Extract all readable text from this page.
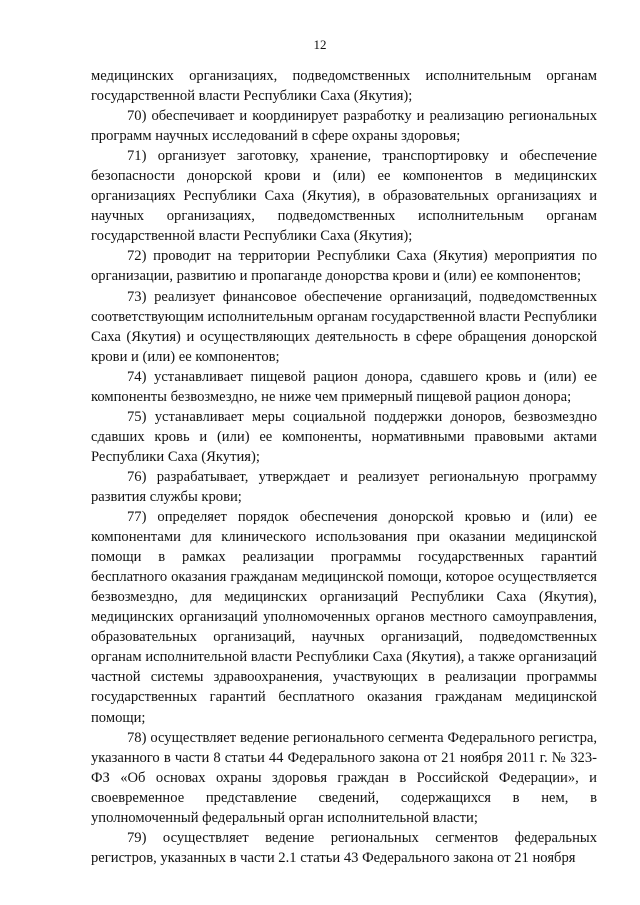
12

медицинских организациях, подведомственных исполнительным органам государственной власти Республики Саха (Якутия);

70) обеспечивает и координирует разработку и реализацию региональных программ научных исследований в сфере охраны здоровья;

71) организует заготовку, хранение, транспортировку и обеспечение безопасности донорской крови и (или) ее компонентов в медицинских организациях Республики Саха (Якутия), в образовательных организациях и научных организациях, подведомственных исполнительным органам государственной власти Республики Саха (Якутия);

72) проводит на территории Республики Саха (Якутия) мероприятия по организации, развитию и пропаганде донорства крови и (или) ее компонентов;

73) реализует финансовое обеспечение организаций, подведомственных соответствующим исполнительным органам государственной власти Республики Саха (Якутия) и осуществляющих деятельность в сфере обращения донорской крови и (или) ее компонентов;

74) устанавливает пищевой рацион донора, сдавшего кровь и (или) ее компоненты безвозмездно, не ниже чем примерный пищевой рацион донора;

75) устанавливает меры социальной поддержки доноров, безвозмездно сдавших кровь и (или) ее компоненты, нормативными правовыми актами Республики Саха (Якутия);

76) разрабатывает, утверждает и реализует региональную программу развития службы крови;

77) определяет порядок обеспечения донорской кровью и (или) ее компонентами для клинического использования при оказании медицинской помощи в рамках реализации программы государственных гарантий бесплатного оказания гражданам медицинской помощи, которое осуществляется безвозмездно, для медицинских организаций Республики Саха (Якутия), медицинских организаций уполномоченных органов местного самоуправления, образовательных организаций, научных организаций, подведомственных органам исполнительной власти Республики Саха (Якутия), а также организаций частной системы здравоохранения, участвующих в реализации программы государственных гарантий бесплатного оказания гражданам медицинской помощи;

78) осуществляет ведение регионального сегмента Федерального регистра, указанного в части 8 статьи 44 Федерального закона от 21 ноября 2011 г. № 323-ФЗ «Об основах охраны здоровья граждан в Российской Федерации», и своевременное представление сведений, содержащихся в нем, в уполномоченный федеральный орган исполнительной власти;

79) осуществляет ведение региональных сегментов федеральных регистров, указанных в части 2.1 статьи 43 Федерального закона от 21 ноября
